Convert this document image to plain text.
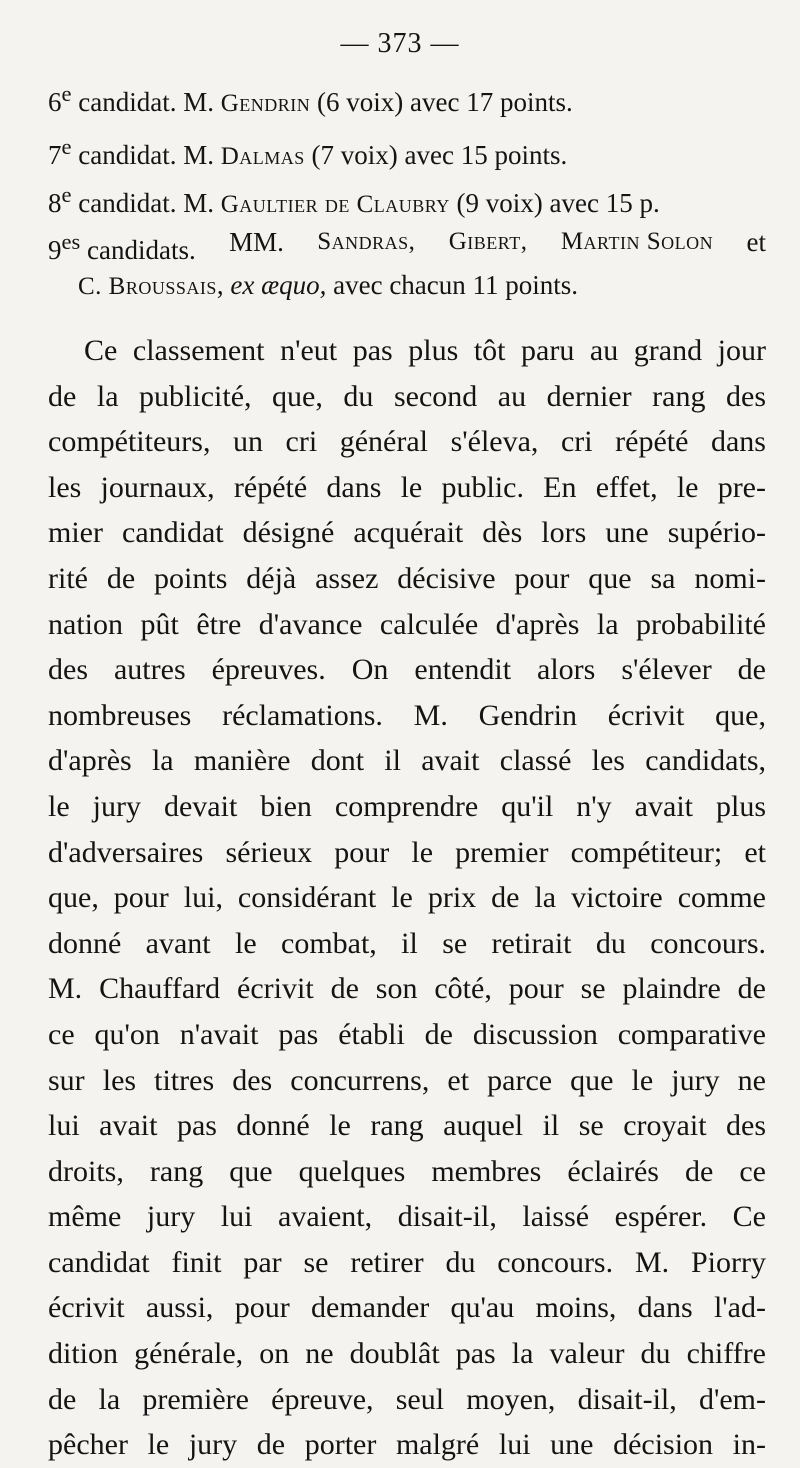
— 373 —
6e candidat. M. Gendrin (6 voix) avec 17 points.
7e candidat. M. Dalmas (7 voix) avec 15 points.
8e candidat. M. Gaultier de Claubry (9 voix) avec 15 p.
$9^{es}$ candidats. MM. Sandras, Gibert, Martin Solon et
C. Broussais, ex æquo, avec chacun 11 points.
Ce classement n'eut pas plus tôt paru au grand jour
de la publicité, que, du second au dernier rang des
compétiteurs, un cri général s'éleva, cri répété dans
les journaux, répété dans le public. En effet, le pre-
mier candidat désigné acquérait dès lors une supério-
rité de points déjà assez décisive pour que sa nomi-
nation pût être d'avance calculée d'après la probabilité
des autres épreuves. On entendit alors s'élever de
nombreuses réclamations. M. Gendrin écrivit que,
d'après la manière dont il avait classé les candidats,
le jury devait bien comprendre qu'il n'y avait plus
d'adversaires sérieux pour le premier compétiteur; et
que, pour lui, considérant le prix de la victoire comme
donné avant le combat, il se retirait du concours.
M. Chauffard écrivit de son côté, pour se plaindre de
ce qu'on n'avait pas établi de discussion comparative
sur les titres des concurrens, et parce que le jury ne
lui avait pas donné le rang auquel il se croyait des
droits, rang que quelques membres éclairés de ce
même jury lui avaient, disait-il, laissé espérer. Ce
candidat finit par se retirer du concours. M. Piorry
écrivit aussi, pour demander qu'au moins, dans l'ad-
dition générale, on ne doublât pas la valeur du chiffre
de la première épreuve, seul moyen, disait-il, d'em-
pêcher le jury de porter malgré lui une décision in-
